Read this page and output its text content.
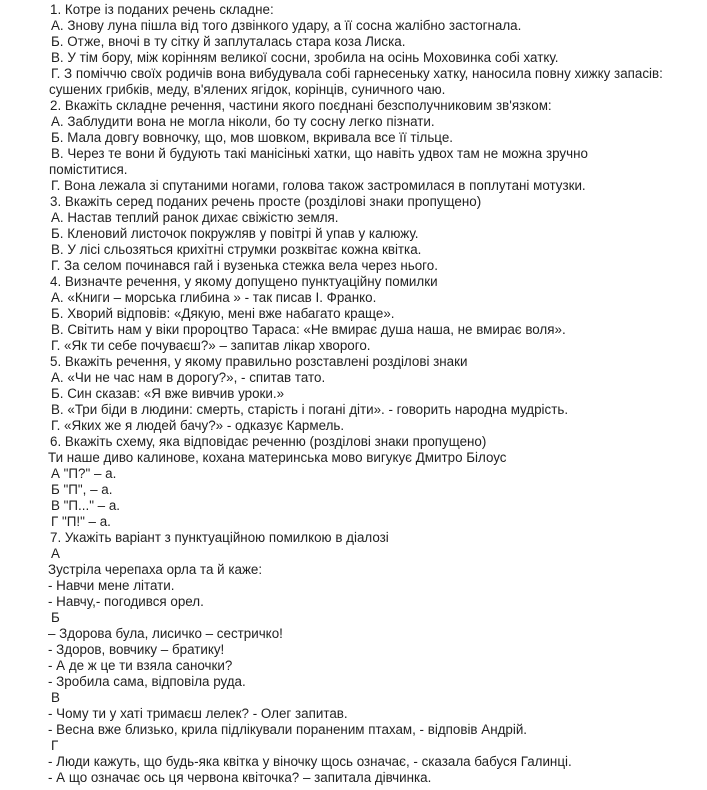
1. Котре із поданих речень складне:
А. Знову луна пішла від того дзвінкого удару, а її сосна жалібно застогнала.
Б. Отже, вночі в ту сітку й заплуталась стара коза Лиска.
В. У тім бору, між корінням великої сосни, зробила на осінь Моховинка собі хатку.
Г. З поміччю своїх родичів вона вибудувала собі гарнесеньку хатку, наносила повну хижку запасів:
сушених грибків, меду, в'ялених ягідок, корінців, суничного чаю.
2. Вкажіть складне речення, частини якого поєднані безсполучниковим зв'язком:
А. Заблудити вона не могла ніколи, бо ту сосну легко пізнати.
Б. Мала довгу вовночку, що, мов шовком, вкривала все її тільце.
В. Через те вони й будують такі манісінькі хатки, що навіть удвох там не можна зручно
поміститися.
Г. Вона лежала зі спутаними ногами, голова також застромилася в поплутані мотузки.
3. Вкажіть серед поданих речень просте (розділові знаки пропущено)
А. Настав теплий ранок дихає свіжістю земля.
Б. Кленовий листочок покружляв у повітрі й упав у калюжу.
В. У лісі сльозяться крихітні струмки розквітає кожна квітка.
Г. За селом починався гай і вузенька стежка вела через нього.
4. Визначте речення, у якому допущено пунктуаційну помилки
А. «Книги – морська глибина » - так писав І. Франко.
Б. Хворий відповів: «Дякую, мені вже набагато краще».
В. Світить нам у віки пророцтво Тараса: «Не вмирає душа наша, не вмирає воля».
Г. «Як ти себе почуваєш?» – запитав лікар хворого.
5. Вкажіть речення, у якому правильно розставлені розділові знаки
А. «Чи не час нам в дорогу?», - спитав тато.
Б. Син сказав: «Я вже вивчив уроки.»
В. «Три біди в людини: смерть, старість і погані діти». - говорить народна мудрість.
Г. «Яких же я людей бачу?» - одказує Кармель.
6. Вкажіть схему, яка відповідає реченню (розділові знаки пропущено)
Ти наше диво калинове, кохана материнська мово вигукує Дмитро Білоус
А "П?" – а.
Б "П", – а.
В "П..." – а.
Г "П!" – а.
7. Укажіть варіант з пунктуаційною помилкою в діалозі
А
Зустріла черепаха орла та й каже:
- Навчи мене літати.
- Навчу,- погодився орел.
Б
– Здорова була, лисичко – сестричко!
- Здоров, вовчику – братику!
- А де ж це ти взяла саночки?
- Зробила сама, відповіла руда.
В
- Чому ти у хаті тримаєш лелек? - Олег запитав.
- Весна вже близько, крила підлікували пораненим птахам, - відповів Андрій.
Г
- Люди кажуть, що будь-яка квітка у віночку щось означає, - сказала бабуся Галинці.
- А що означає ось ця червона квіточка? – запитала дівчинка.
